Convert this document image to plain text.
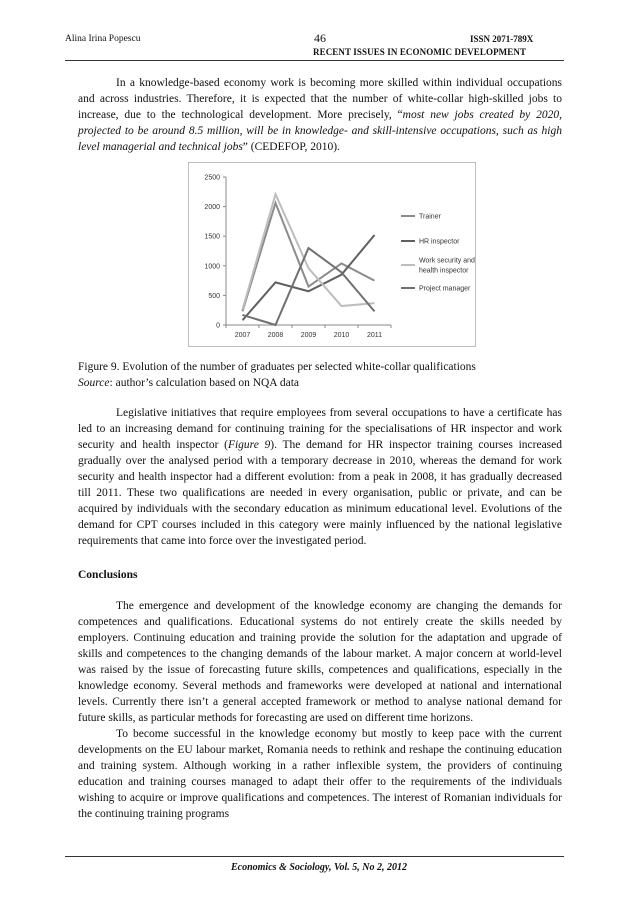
Alina Irina Popescu	46	ISSN 2071-789X
RECENT ISSUES IN ECONOMIC DEVELOPMENT

In a knowledge-based economy work is becoming more skilled within individual occupations and across industries. Therefore, it is expected that the number of white-collar high-skilled jobs to increase, due to the technological development. More precisely, “most new jobs created by 2020, projected to be around 8.5 million, will be in knowledge- and skill-intensive occupations, such as high level managerial and technical jobs” (CEDEFOP, 2010).

0
500
1000
1500
2000
2500
2007 2008 2009 2010	2011
Trainer
HR inspector
Work security and health inspector
Project manager
Figure 9. Evolution of the number of graduates per selected white-collar qualifications
Source: author’s calculation based on NQA data

Legislative initiatives that require employees from several occupations to have a certificate has led to an increasing demand for continuing training for the specialisations of HR inspector and work security and health inspector (Figure 9). The demand for HR inspector training courses increased gradually over the analysed period with a temporary decrease in 2010, whereas the demand for work security and health inspector had a different evolution: from a peak in 2008, it has gradually decreased till 2011. These two qualifications are needed in every organisation, public or private, and can be acquired by individuals with the secondary education as minimum educational level. Evolutions of the demand for CPT courses included in this category were mainly influenced by the national legislative requirements that came into force over the investigated period.

Conclusions

The emergence and development of the knowledge economy are changing the demands for competences and qualifications. Educational systems do not entirely create the skills needed by employers. Continuing education and training provide the solution for the adaptation and upgrade of skills and competences to the changing demands of the labour market. A major concern at world-level was raised by the issue of forecasting future skills, competences and qualifications, especially in the knowledge economy. Several methods and frameworks were developed at national and international levels. Currently there isn’t a general accepted framework or method to analyse national demand for future skills, as particular methods for forecasting are used on different time horizons.

To become successful in the knowledge economy but mostly to keep pace with the current developments on the EU labour market, Romania needs to rethink and reshape the continuing education and training system. Although working in a rather inflexible system, the providers of continuing education and training courses managed to adapt their offer to the requirements of the individuals wishing to acquire or improve qualifications and competences. The interest of Romanian individuals for the continuing training programs

Economics & Sociology, Vol. 5, No 2, 2012
